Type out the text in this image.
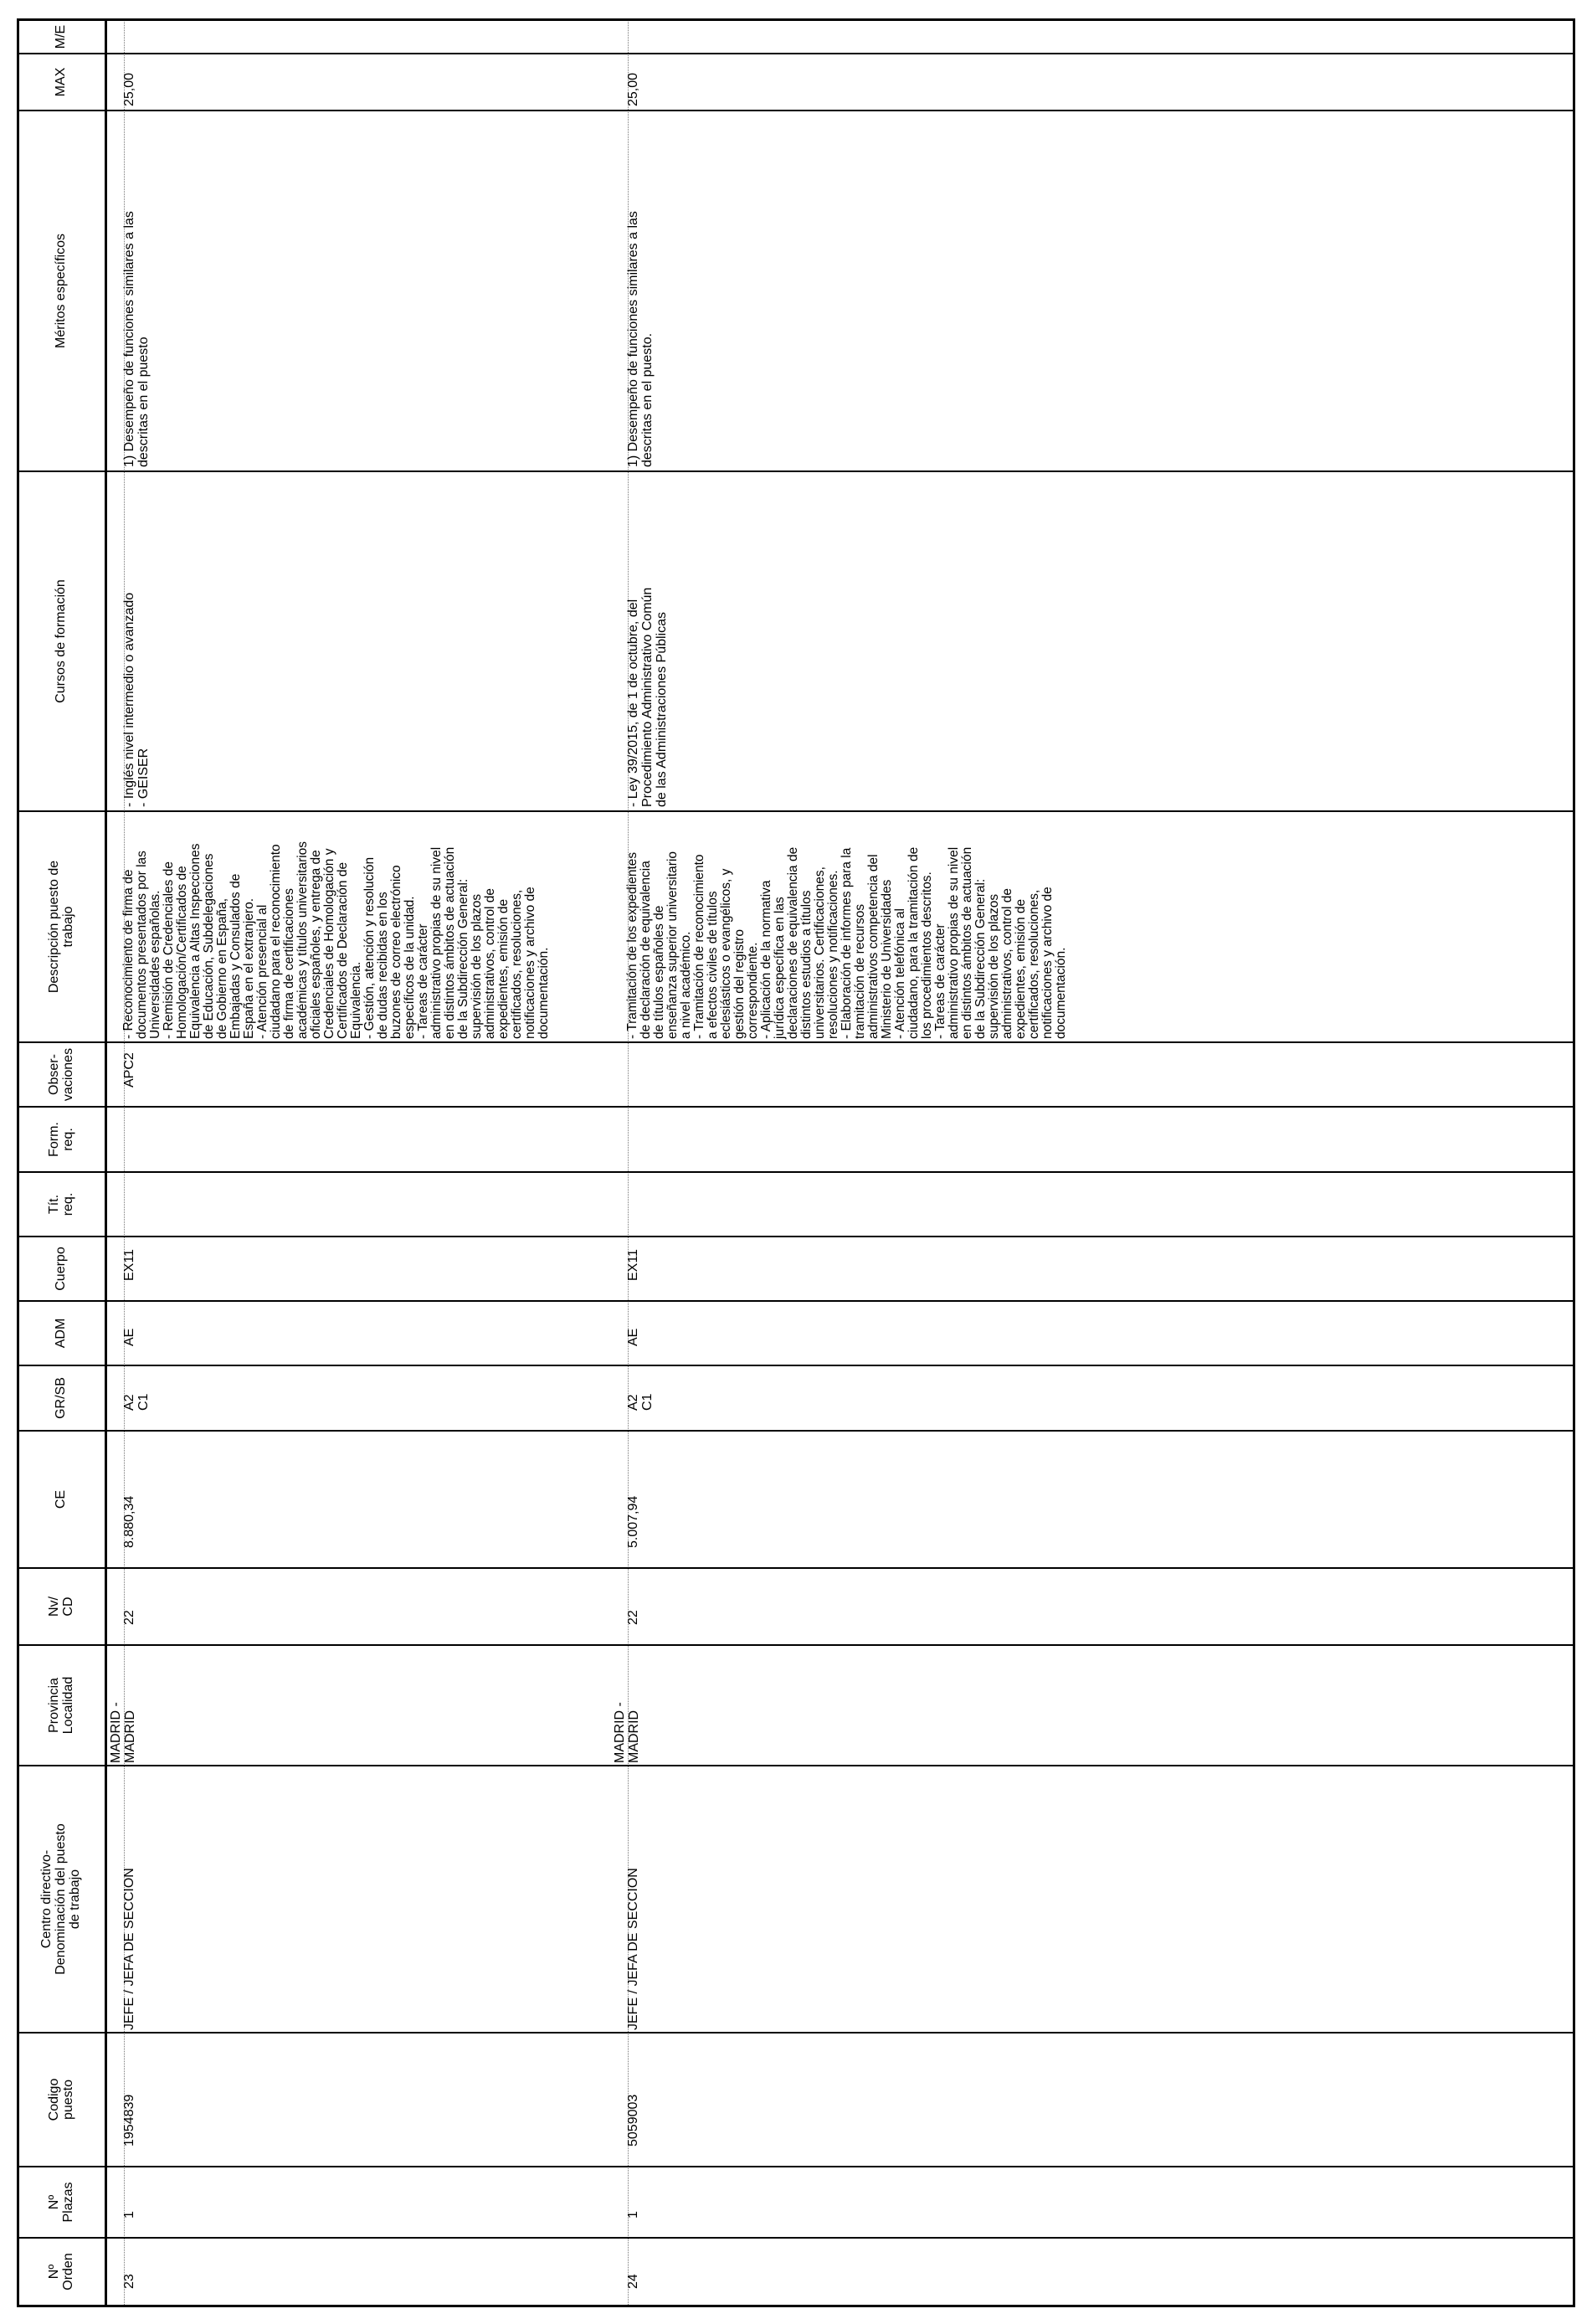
Nº
Orden
Nº
Plazas
Codigo
puesto
Centro directivo-
Denominación del puesto
de trabajo
Provincia
Localidad
Nv/
CD
CE
GR/SB
ADM
Cuerpo
Tít.
req.
Form.
req.
Obser-
vaciones
Descripción puesto de
trabajo
Cursos de formación
Méritos específicos
MAX
M/E
23
1
1954839
JEFE / JEFA DE SECCION
MADRID -
MADRID
22
8.880,34
A2
C1
AE
EX11
APC2
- Reconocimiento de firma de
documentos presentados por las
Universidades españolas.
- Remisión de Credenciales de
Homologación/Certificados de
Equivalencia a Altas Inspecciones
de Educación, Subdelegaciones
de Gobierno en España,
Embajadas y Consulados de
España en el extranjero.
- Atención presencial al
ciudadano para el reconocimiento
de firma de certificaciones
académicas y títulos universitarios
oficiales españoles, y entrega de
Credenciales de Homologación y
Certificados de Declaración de
Equivalencia.
- Gestión, atención y resolución
de dudas recibidas en los
buzones de correo electrónico
específicos de la unidad.
- Tareas de carácter
administrativo propias de su nivel
en distintos ámbitos de actuación
de la Subdirección General:
supervisión de los plazos
administrativos, control de
expedientes, emisión de
certificados, resoluciones,
notificaciones y archivo de
documentación.
- Inglés nivel intermedio o avanzado
- GEISER
1) Desempeño de funciones similares a las
descritas en el puesto
25,00
24
1
5059003
JEFE / JEFA DE SECCION
MADRID -
MADRID
22
5.007,94
A2
C1
AE
EX11
- Tramitación de los expedientes
de declaración de equivalencia
de títulos españoles de
enseñanza superior universitario
a nivel académico.
- Tramitación de reconocimiento
a efectos civiles de títulos
eclesiásticos o evangélicos, y
gestión del registro
correspondiente.
- Aplicación de la normativa
jurídica específica en las
declaraciones de equivalencia de
distintos estudios a títulos
universitarios. Certificaciones,
resoluciones y notificaciones.
- Elaboración de informes para la
tramitación de recursos
administrativos competencia del
Ministerio de Universidades
- Atención telefónica al
ciudadano, para la tramitación de
los procedimientos descritos.
- Tareas de carácter
administrativo propias de su nivel
en distintos ámbitos de actuación
de la Subdirección General:
supervisión de los plazos
administrativos, control de
expedientes, emisión de
certificados, resoluciones,
notificaciones y archivo de
documentación.
- Ley 39/2015, de 1 de octubre, del
Procedimiento Administrativo Común
de las Administraciones Públicas
1) Desempeño de funciones similares a las
descritas en el puesto.
25,00
